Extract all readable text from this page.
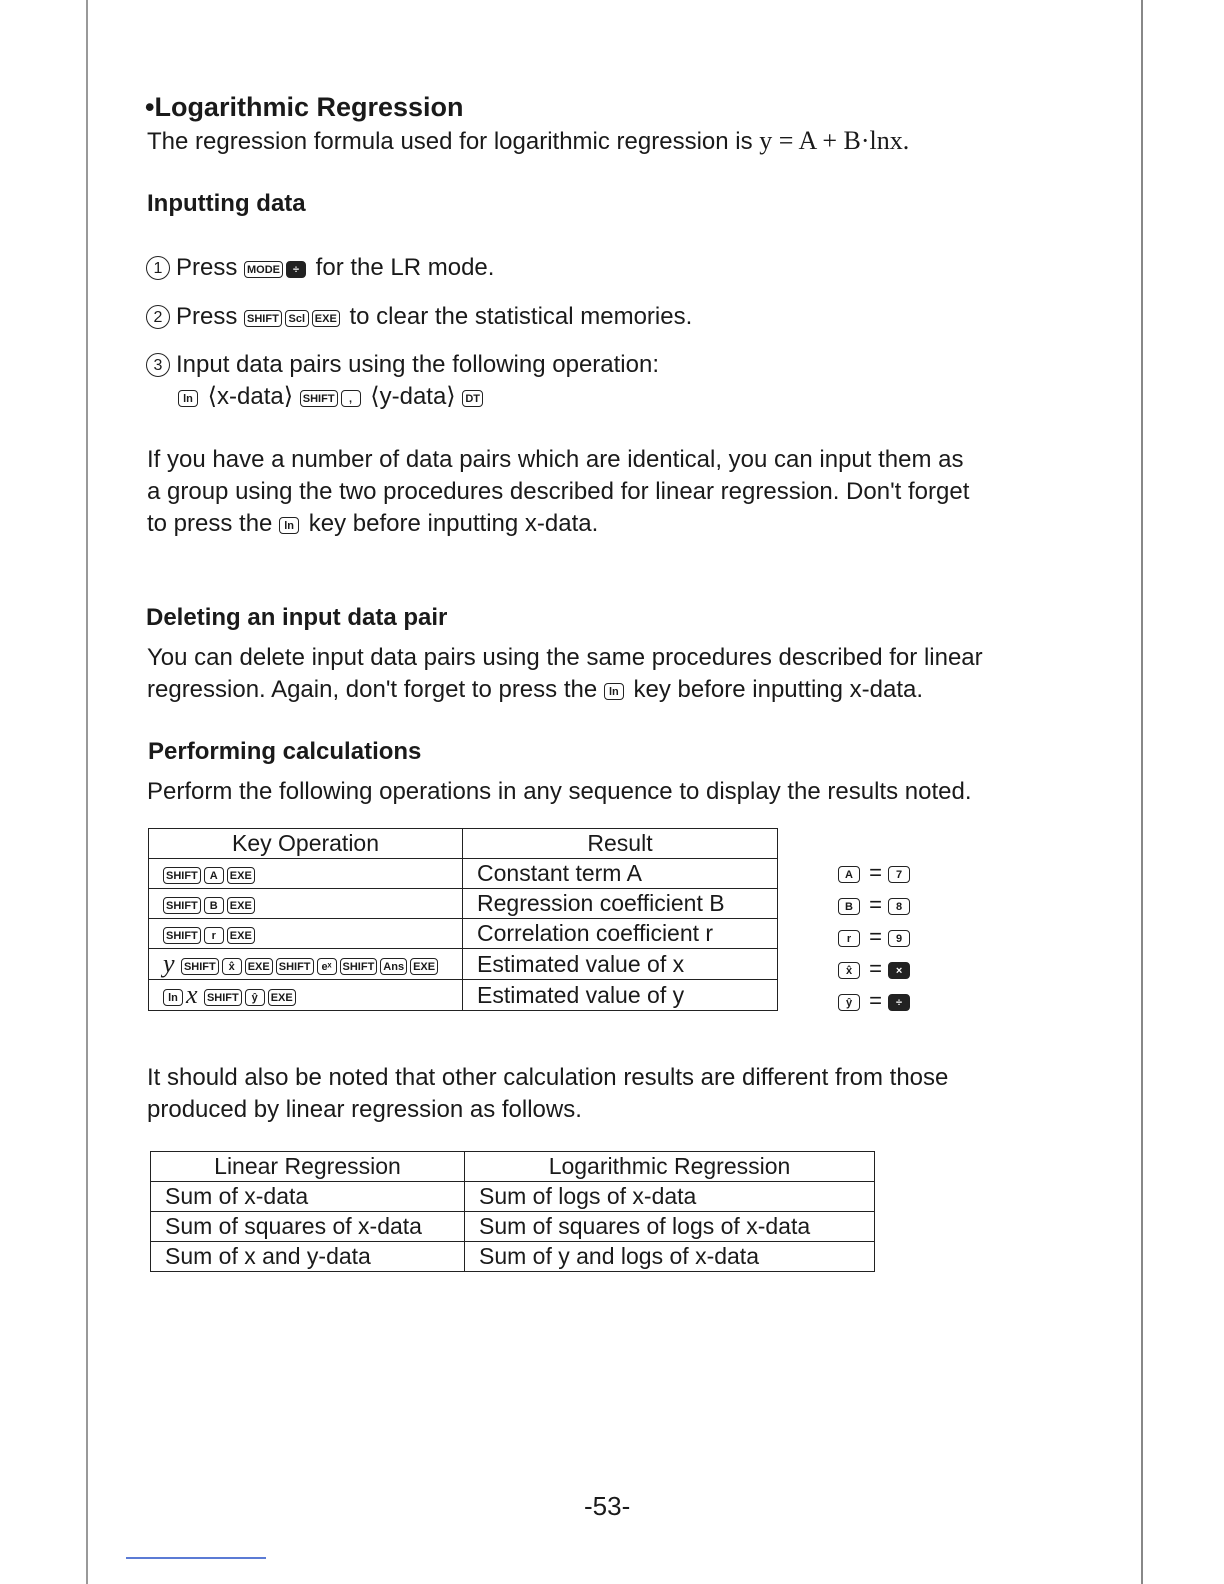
•Logarithmic Regression
The regression formula used for logarithmic regression is y = A + B·lnx.
Inputting data
1 Press MODE ÷ for the LR mode.
2 Press SHIFT Scl EXE to clear the statistical memories.
3 Input data pairs using the following operation:
ln ⟨x-data⟩ SHIFT , ⟨y-data⟩ DT
If you have a number of data pairs which are identical, you can input them as
a group using the two procedures described for linear regression. Don't forget
to press the ln key before inputting x-data.
Deleting an input data pair
You can delete input data pairs using the same procedures described for linear
regression. Again, don't forget to press the ln key before inputting x-data.
Performing calculations
Perform the following operations in any sequence to display the results noted.
Key Operation	Result
SHIFT A EXE	Constant term A
SHIFT B EXE	Regression coefficient B
SHIFT r EXE	Correlation coefficient r
y SHIFT x̂ EXE SHIFT eˣ SHIFT Ans EXE	Estimated value of x
ln x SHIFT ŷ EXE	Estimated value of y
A = 7
B = 8
r = 9
x̂ = ×
ŷ = ÷
It should also be noted that other calculation results are different from those
produced by linear regression as follows.
Linear Regression	Logarithmic Regression
Sum of x-data	Sum of logs of x-data
Sum of squares of x-data	Sum of squares of logs of x-data
Sum of x and y-data	Sum of y and logs of x-data
-53-
